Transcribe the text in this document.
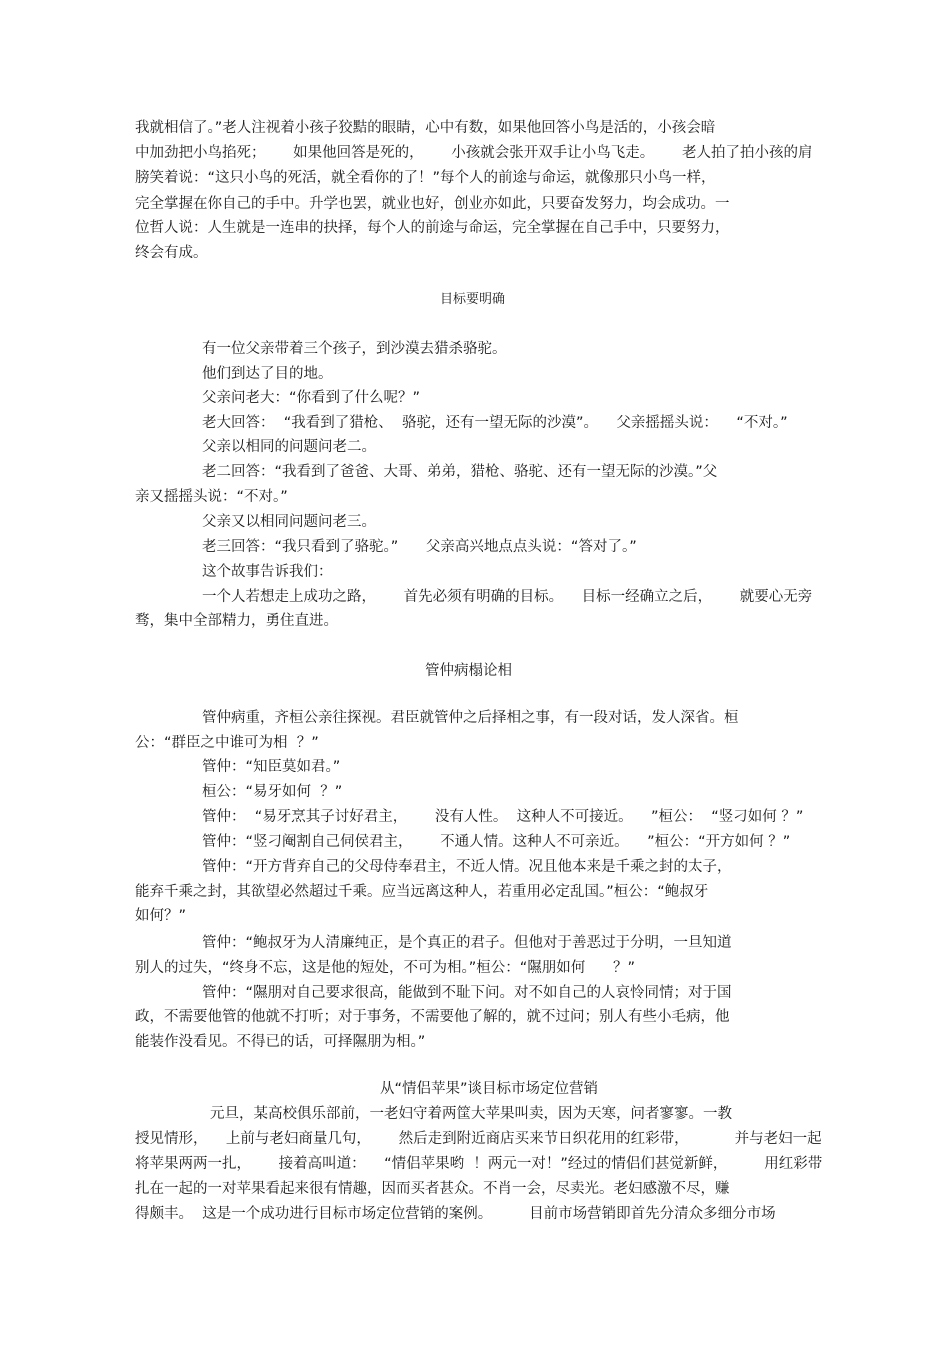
我就相信了。”老人注视着小孩子狡黠的眼睛，心中有数，如果他回答小鸟是活的，小孩会暗

中加劲把小鸟掐死；      如果他回答是死的，      小孩就会张开双手让小鸟飞走。      老人拍了拍小孩的肩

膀笑着说：“这只小鸟的死活，就全看你的了！”每个人的前途与命运，就像那只小鸟一样，

完全掌握在你自己的手中。升学也罢，就业也好，创业亦如此，只要奋发努力，均会成功。一

位哲人说：人生就是一连串的抉择，每个人的前途与命运，完全掌握在自己手中，只要努力，

终会有成。

目标要明确

有一位父亲带着三个孩子，到沙漠去猎杀骆驼。

他们到达了目的地。

父亲问老大：“你看到了什么呢？”

老大回答：  “我看到了猎枪、  骆驼，还有一望无际的沙漠”。    父亲摇摇头说：    “不对。”

父亲以相同的问题问老二。

老二回答：“我看到了爸爸、大哥、弟弟，猎枪、骆驼、还有一望无际的沙漠。”父

亲又摇摇头说：“不对。”

父亲又以相同问题问老三。

老三回答：“我只看到了骆驼。”      父亲高兴地点点头说：“答对了。”

这个故事告诉我们：

一个人若想走上成功之路，      首先必须有明确的目标。    目标一经确立之后，      就要心无旁

骛，集中全部精力，勇住直进。

管仲病榻论相

管仲病重，齐桓公亲往探视。君臣就管仲之后择相之事，有一段对话，发人深省。桓

公：“群臣之中谁可为相  ？”

管仲：“知臣莫如君。”

桓公：“易牙如何  ？”

管仲：  “易牙烹其子讨好君主，      没有人性。  这种人不可接近。    ”桓公：  “竖刁如何 ？”

管仲：“竖刁阉割自己伺侯君主，      不通人情。这种人不可亲近。    ”桓公：“开方如何 ？”

管仲：“开方背弃自己的父母侍奉君主，不近人情。况且他本来是千乘之封的太子，

能弃千乘之封，其欲望必然超过千乘。应当远离这种人，若重用必定乱国。”桓公：“鲍叔牙

如何？”

管仲：“鲍叔牙为人清廉纯正，是个真正的君子。但他对于善恶过于分明，一旦知道

别人的过失，“终身不忘，这是他的短处，不可为相。”桓公：“隰朋如何      ？”

管仲：“隰朋对自己要求很高，能做到不耻下问。对不如自己的人哀怜同情；对于国

政，不需要他管的他就不打听；对于事务，不需要他了解的，就不过问；别人有些小毛病，他

能装作没看见。不得已的话，可择隰朋为相。”

从“情侣苹果”谈目标市场定位营销

元旦，某高校俱乐部前，一老妇守着两筐大苹果叫卖，因为天寒，问者寥寥。一教

授见情形，    上前与老妇商量几句，      然后走到附近商店买来节日织花用的红彩带，          并与老妇一起

将苹果两两一扎，      接着高叫道：    “情侣苹果哟  ！两元一对！”经过的情侣们甚觉新鲜，        用红彩带

扎在一起的一对苹果看起来很有情趣，因而买者甚众。不肖一会，尽卖光。老妇感激不尽，赚

得颇丰。  这是一个成功进行目标市场定位营销的案例。        目前市场营销即首先分清众多细分市场
